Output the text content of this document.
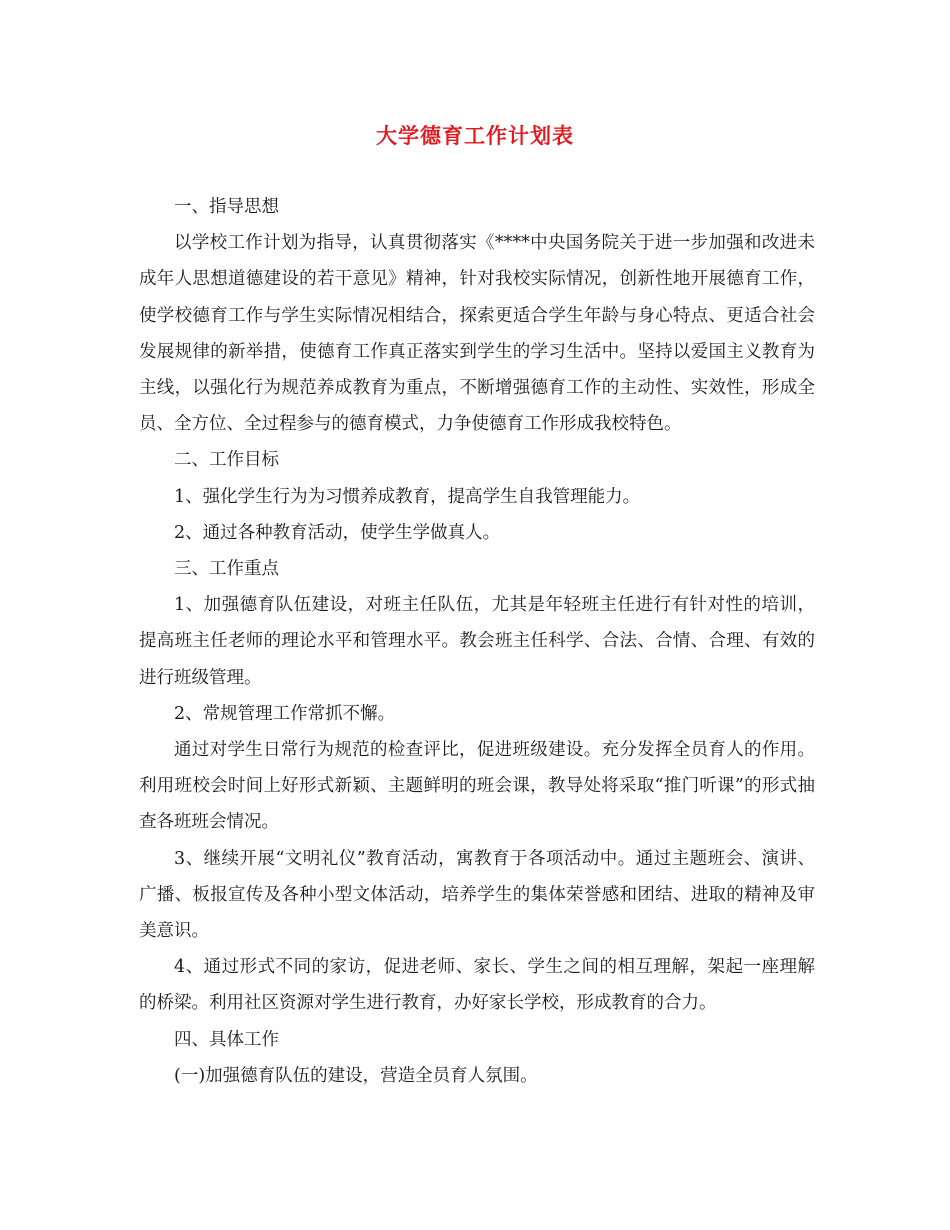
大学德育工作计划表

一、指导思想

以学校工作计划为指导，认真贯彻落实《****中央国务院关于进一步加强和改进未成年人思想道德建设的若干意见》精神，针对我校实际情况，创新性地开展德育工作，使学校德育工作与学生实际情况相结合，探索更适合学生年龄与身心特点、更适合社会发展规律的新举措，使德育工作真正落实到学生的学习生活中。坚持以爱国主义教育为主线，以强化行为规范养成教育为重点，不断增强德育工作的主动性、实效性，形成全员、全方位、全过程参与的德育模式，力争使德育工作形成我校特色。

二、工作目标

1、强化学生行为为习惯养成教育，提高学生自我管理能力。

2、通过各种教育活动，使学生学做真人。

三、工作重点

1、加强德育队伍建设，对班主任队伍，尤其是年轻班主任进行有针对性的培训，提高班主任老师的理论水平和管理水平。教会班主任科学、合法、合情、合理、有效的进行班级管理。

2、常规管理工作常抓不懈。

通过对学生日常行为规范的检查评比，促进班级建设。充分发挥全员育人的作用。利用班校会时间上好形式新颖、主题鲜明的班会课，教导处将采取“推门听课”的形式抽查各班班会情况。

3、继续开展“文明礼仪”教育活动，寓教育于各项活动中。通过主题班会、演讲、广播、板报宣传及各种小型文体活动，培养学生的集体荣誉感和团结、进取的精神及审美意识。

4、通过形式不同的家访，促进老师、家长、学生之间的相互理解，架起一座理解的桥梁。利用社区资源对学生进行教育，办好家长学校，形成教育的合力。

四、具体工作

(一)加强德育队伍的建设，营造全员育人氛围。
